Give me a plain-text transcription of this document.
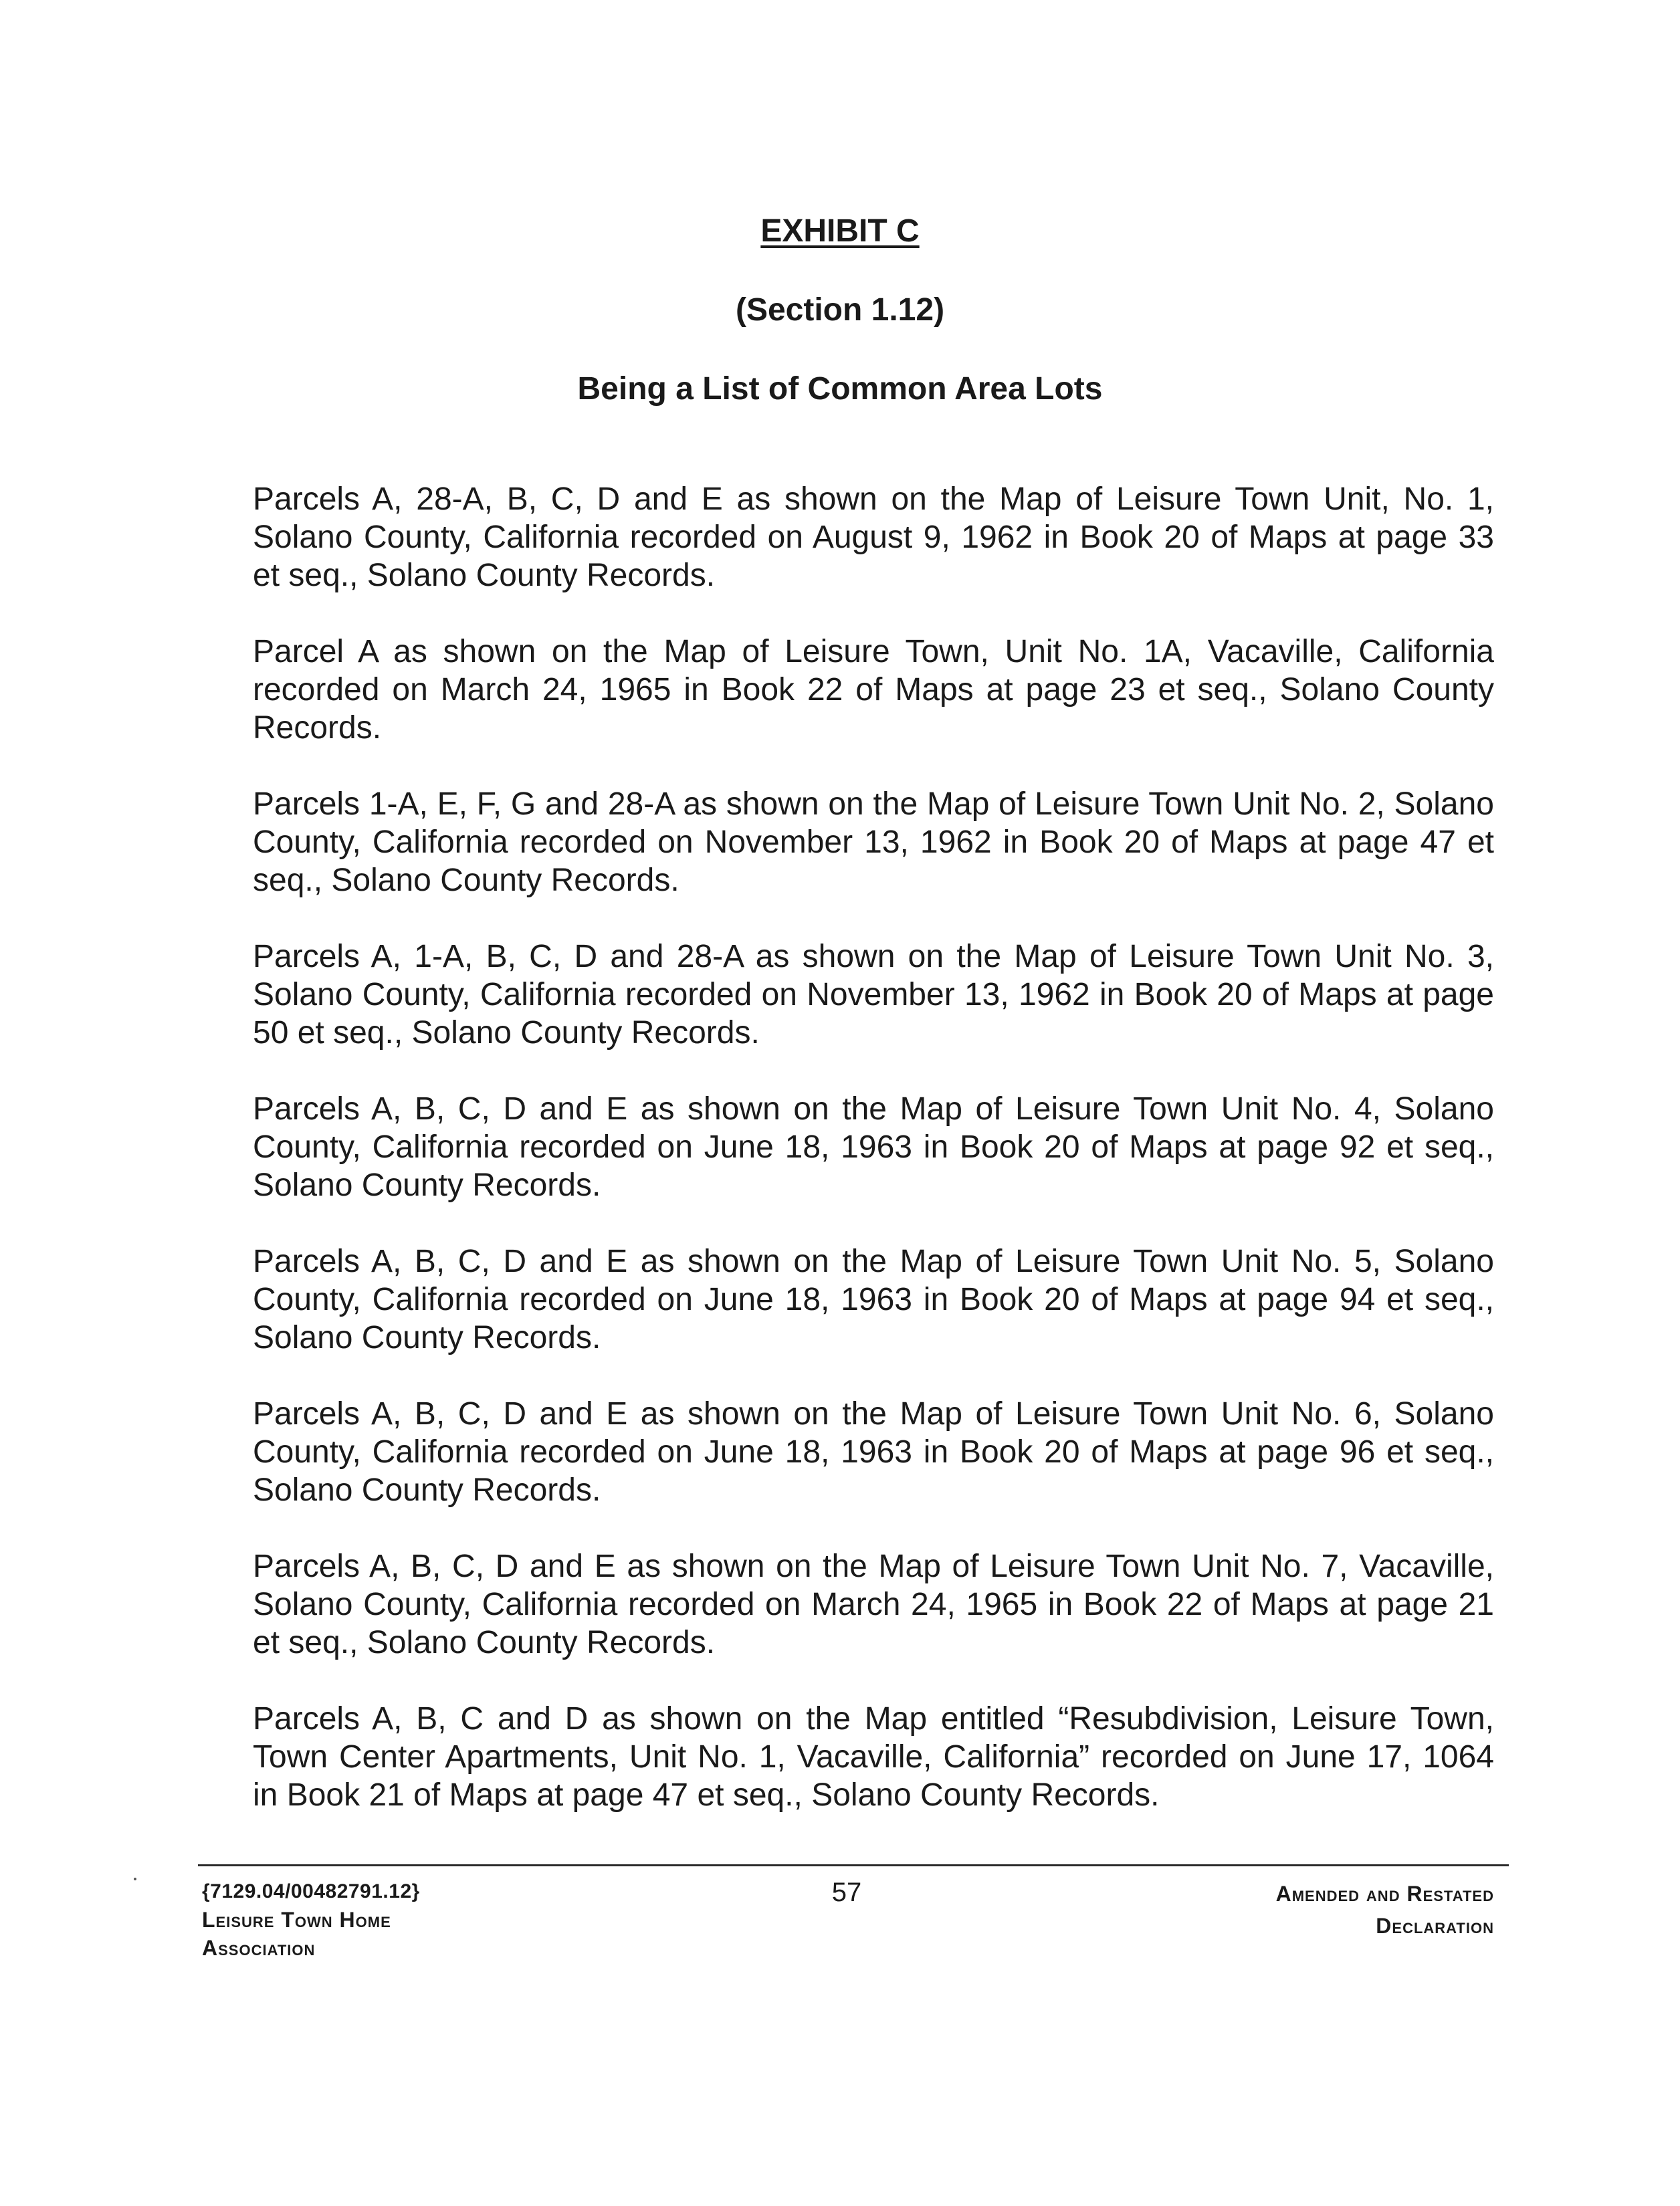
EXHIBIT C
(Section 1.12)
Being a List of Common Area Lots

Parcels A, 28-A, B, C, D and E as shown on the Map of Leisure Town Unit, No. 1, Solano County, California recorded on August 9, 1962 in Book 20 of Maps at page 33 et seq., Solano County Records.

Parcel A as shown on the Map of Leisure Town, Unit No. 1A, Vacaville, California recorded on March 24, 1965 in Book 22 of Maps at page 23 et seq., Solano County Records.

Parcels 1-A, E, F, G and 28-A as shown on the Map of Leisure Town Unit No. 2, Solano County, California recorded on November 13, 1962 in Book 20 of Maps at page 47 et seq., Solano County Records.

Parcels A, 1-A, B, C, D and 28-A as shown on the Map of Leisure Town Unit No. 3, Solano County, California recorded on November 13, 1962 in Book 20 of Maps at page 50 et seq., Solano County Records.

Parcels A, B, C, D and E as shown on the Map of Leisure Town Unit No. 4, Solano County, California recorded on June 18, 1963 in Book 20 of Maps at page 92 et seq., Solano County Records.

Parcels A, B, C, D and E as shown on the Map of Leisure Town Unit No. 5, Solano County, California recorded on June 18, 1963 in Book 20 of Maps at page 94 et seq., Solano County Records.

Parcels A, B, C, D and E as shown on the Map of Leisure Town Unit No. 6, Solano County, California recorded on June 18, 1963 in Book 20 of Maps at page 96 et seq., Solano County Records.

Parcels A, B, C, D and E as shown on the Map of Leisure Town Unit No. 7, Vacaville, Solano County, California recorded on March 24, 1965 in Book 22 of Maps at page 21 et seq., Solano County Records.

Parcels A, B, C and D as shown on the Map entitled “Resubdivision, Leisure Town, Town Center Apartments, Unit No. 1, Vacaville, California” recorded on June 17, 1064 in Book 21 of Maps at page 47 et seq., Solano County Records.

{7129.04/00482791.12}
Leisure Town Home
Association
57	Amended and Restated
Declaration
